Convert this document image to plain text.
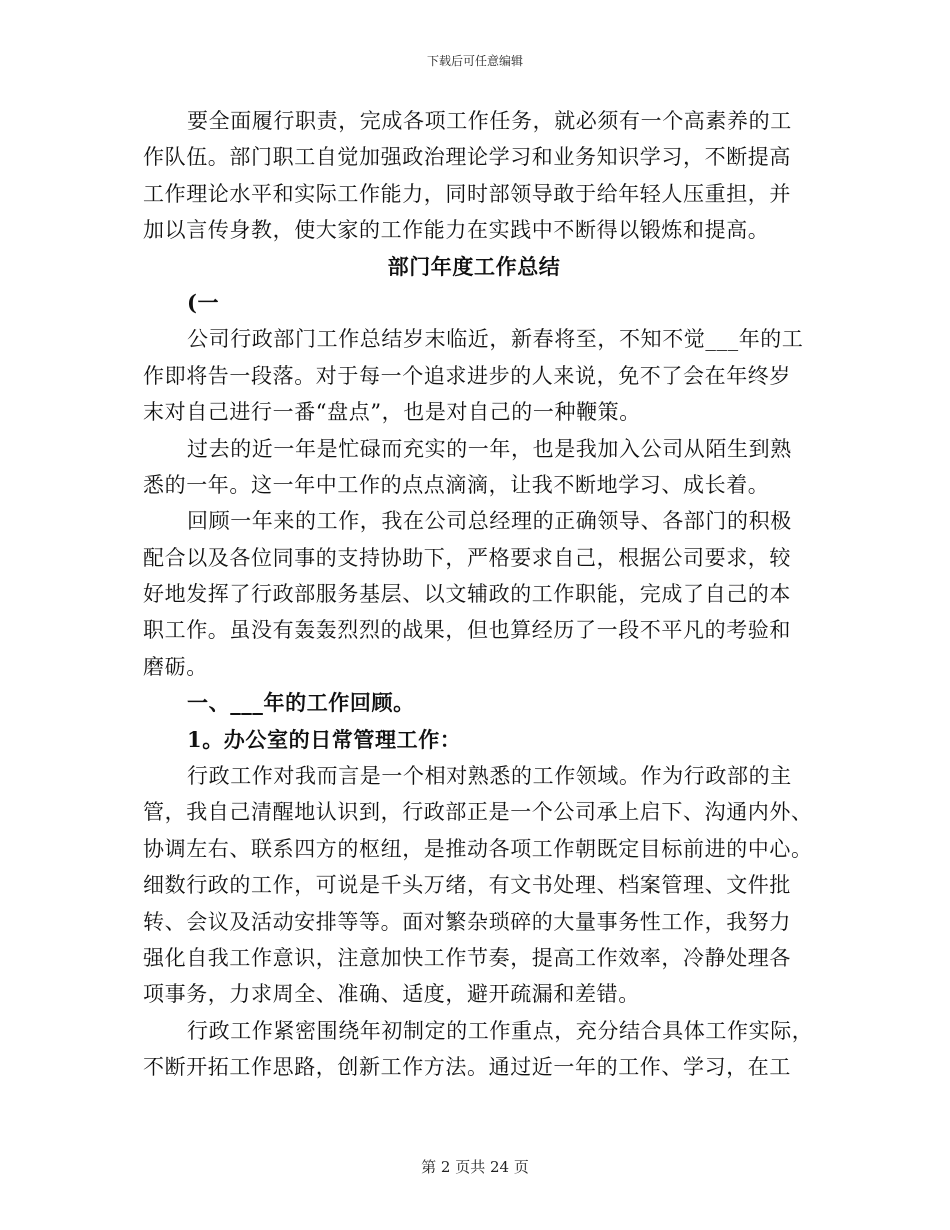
下载后可任意编辑
要全面履行职责，完成各项工作任务，就必须有一个高素养的工
作队伍。部门职工自觉加强政治理论学习和业务知识学习，不断提高
工作理论水平和实际工作能力，同时部领导敢于给年轻人压重担，并
加以言传身教，使大家的工作能力在实践中不断得以锻炼和提高。
部门年度工作总结
(一
公司行政部门工作总结岁末临近，新春将至，不知不觉___年的工
作即将告一段落。对于每一个追求进步的人来说，免不了会在年终岁
末对自己进行一番“盘点”，也是对自己的一种鞭策。
过去的近一年是忙碌而充实的一年，也是我加入公司从陌生到熟
悉的一年。这一年中工作的点点滴滴，让我不断地学习、成长着。
回顾一年来的工作，我在公司总经理的正确领导、各部门的积极
配合以及各位同事的支持协助下，严格要求自己，根据公司要求，较
好地发挥了行政部服务基层、以文辅政的工作职能，完成了自己的本
职工作。虽没有轰轰烈烈的战果，但也算经历了一段不平凡的考验和
磨砺。
一、___年的工作回顾。
1。办公室的日常管理工作：
行政工作对我而言是一个相对熟悉的工作领域。作为行政部的主
管，我自己清醒地认识到，行政部正是一个公司承上启下、沟通内外、
协调左右、联系四方的枢纽，是推动各项工作朝既定目标前进的中心。
细数行政的工作，可说是千头万绪，有文书处理、档案管理、文件批
转、会议及活动安排等等。面对繁杂琐碎的大量事务性工作，我努力
强化自我工作意识，注意加快工作节奏，提高工作效率，冷静处理各
项事务，力求周全、准确、适度，避开疏漏和差错。
行政工作紧密围绕年初制定的工作重点，充分结合具体工作实际，
不断开拓工作思路，创新工作方法。通过近一年的工作、学习，在工
第 2 页共 24 页
